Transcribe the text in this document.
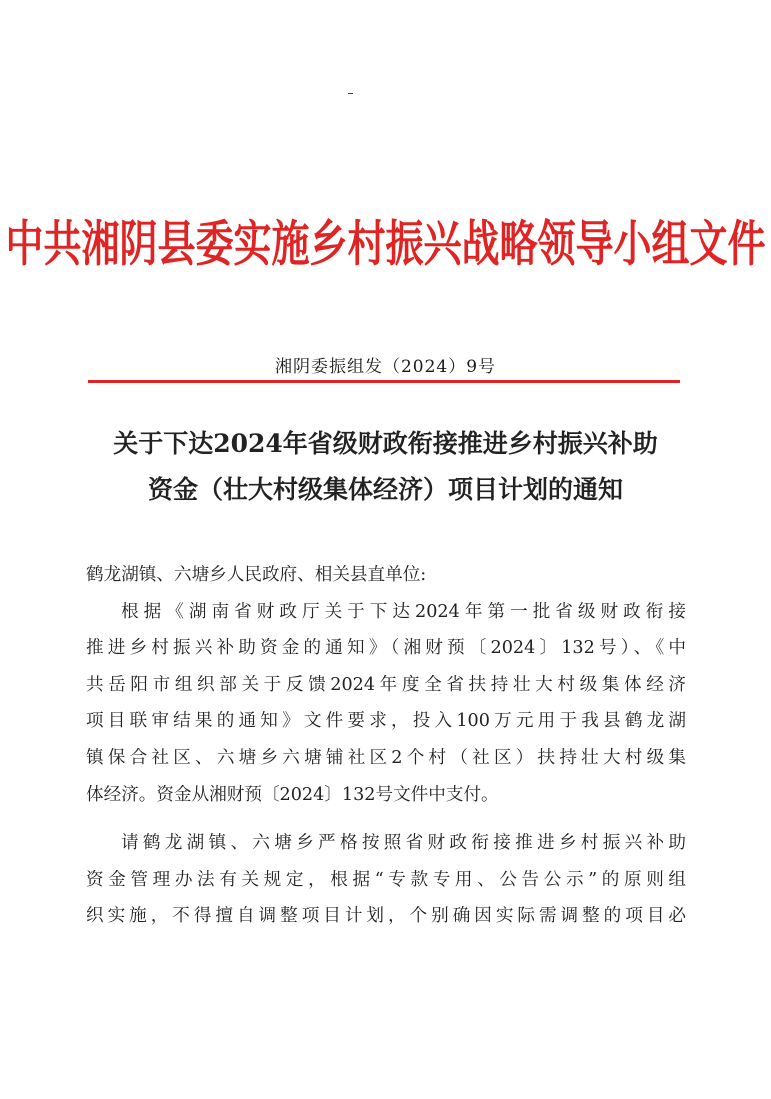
中共湘阴县委实施乡村振兴战略领导小组文件
湘阴委振组发（2024）9号
关于下达2024年省级财政衔接推进乡村振兴补助
资金（壮大村级集体经济）项目计划的通知
鹤龙湖镇、六塘乡人民政府、相关县直单位:
根据《湖南省财政厅关于下达2024年第一批省级财政衔接
推进乡村振兴补助资金的通知》（湘财预〔2024〕132号）、《中
共岳阳市组织部关于反馈2024年度全省扶持壮大村级集体经济
项目联审结果的通知》文件要求，投入100万元用于我县鹤龙湖
镇保合社区、六塘乡六塘铺社区2个村（社区）扶持壮大村级集
体经济。资金从湘财预〔2024〕132号文件中支付。
请鹤龙湖镇、六塘乡严格按照省财政衔接推进乡村振兴补助
资金管理办法有关规定，根据“专款专用、公告公示”的原则组
织实施，不得擅自调整项目计划，个别确因实际需调整的项目必
